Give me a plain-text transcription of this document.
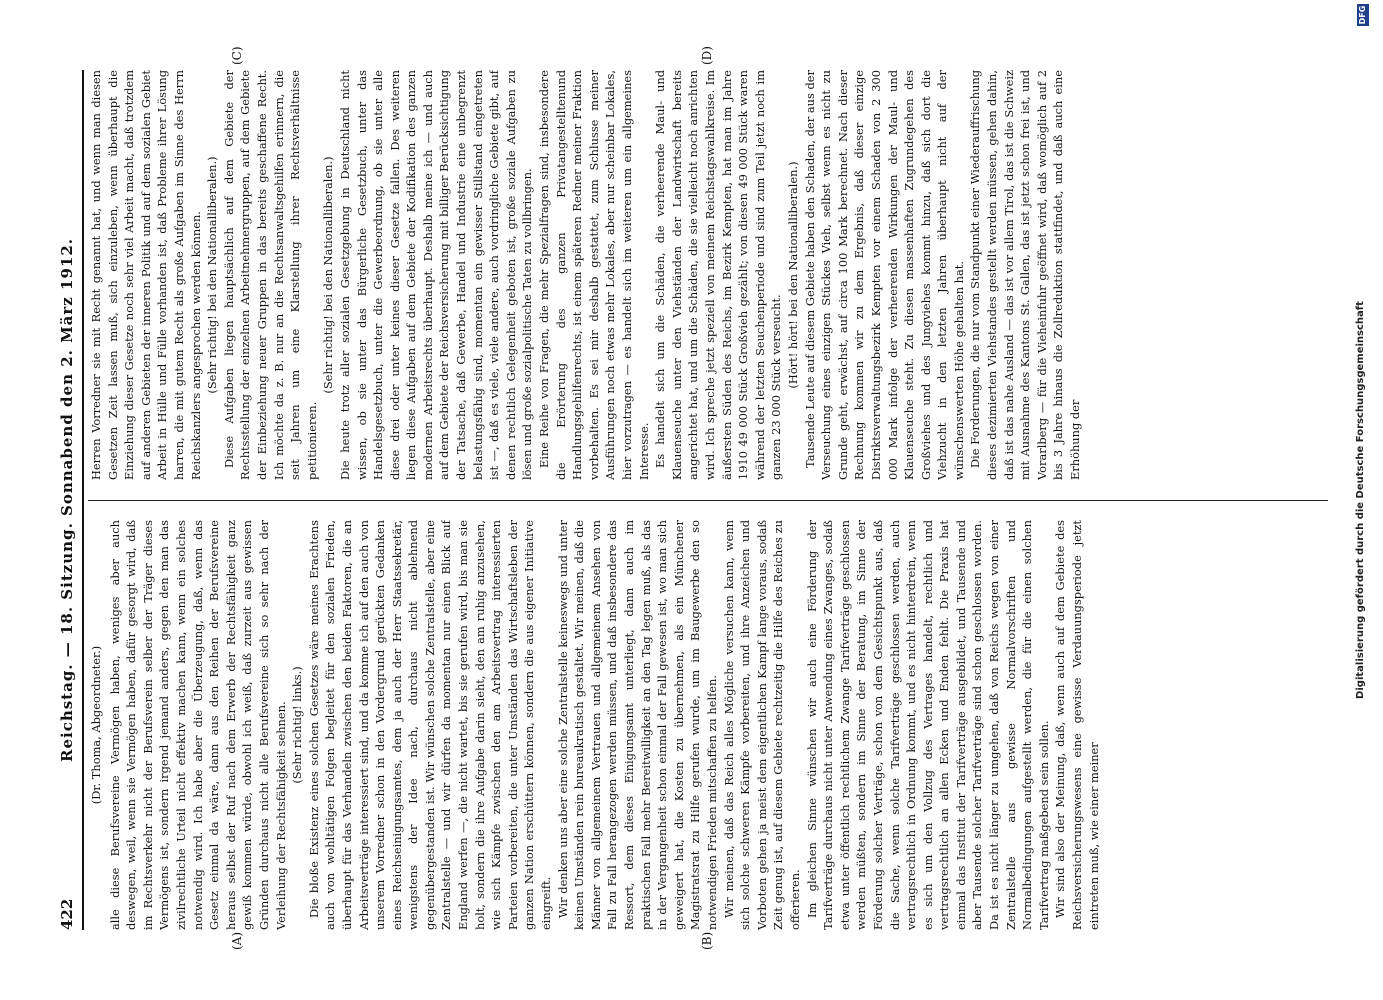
422
Reichstag. — 18. Sitzung. Sonnabend den 2. März 1912.
(A)	(B)
(C)	(D)

(Dr. Thoma, Abgeordneter.) alle diese Berufsvereine Vermögen haben, weniges aber auch deswegen, weil, wenn sie Vermögen haben, dafür gesorgt wird, daß im Rechtsverkehr nicht der Berufsverein selber der Träger dieses Vermögens ist, sondern irgend jemand anders, gegen den man das zivilrechtliche Urteil nicht effektiv machen kann, wenn ein solches notwendig wird. Ich habe aber die Überzeugung, daß, wenn das Gesetz einmal da wäre, dann aus den Reihen der Berufsvereine heraus selbst der Ruf nach dem Erwerb der Rechtsfähigkeit ganz gewiß kommen würde, obwohl ich weiß, daß zurzeit aus gewissen Gründen durchaus nicht alle Berufsvereine sich so sehr nach der Verleihung der Rechtsfähigkeit sehnen. (Sehr richtig! links.) Die bloße Existenz eines solchen Gesetzes wäre meines Erachtens auch von wohltätigen Folgen begleitet für den sozialen Frieden, überhaupt für das Verhandeln zwischen den beiden Faktoren, die an Arbeitsverträge interessiert sind, und da komme ich auf den auch von unserem Vorredner schon in den Vordergrund gerückten Gedanken eines Reichseinigungsamtes, dem ja auch der Herr Staatssekretär, wenigstens der Idee nach, durchaus nicht ablehnend gegenübergestanden ist. Wir wünschen solche Zentralstelle, aber eine Zentralstelle — und wir dürfen da momentan nur einen Blick auf England werfen —, die nicht wartet, bis sie gerufen wird, bis man sie holt, sondern die ihre Aufgabe darin sieht, den am ruhig anzusehen, wie sich Kämpfe zwischen den am Arbeitsvertrag interessierten Parteien vorbereiten, die unter Umständen das Wirtschaftsleben der ganzen Nation erschüttern können, sondern die aus eigener Initiative eingreift. Wir denken uns aber eine solche Zentralstelle keineswegs und unter keinen Umständen rein bureaukratisch gestaltet. Wir meinen, daß die Männer von allgemeinem Vertrauen und allgemeinem Ansehen von Fall zu Fall herangezogen werden müssen, und daß insbesondere das Ressort, dem dieses Einigungsamt unterliegt, dann auch im praktischen Fall mehr Bereitwilligkeit an den Tag legen muß, als das in der Vergangenheit schon einmal der Fall gewesen ist, wo man sich geweigert hat, die Kosten zu übernehmen, als ein Münchener Magistratsrat zu Hilfe gerufen wurde, um im Baugewerbe den so notwendigen Frieden mitschaffen zu helfen. Wir meinen, daß das Reich alles Mögliche versuchen kann, wenn sich solche schweren Kämpfe vorbereiten, und ihre Anzeichen und Vorboten gehen ja meist dem eigentlichen Kampf lange voraus, sodaß Zeit genug ist, auf diesem Gebiete rechtzeitig die Hilfe des Reiches zu offerieren. Im gleichen Sinne wünschen wir auch eine Förderung der Tarifverträge durchaus nicht unter Anwendung eines Zwanges, sodaß etwa unter öffentlich rechtlichem Zwange Tarifverträge geschlossen werden müßten, sondern im Sinne der Beratung, im Sinne der Förderung solcher Verträge, schon von dem Gesichtspunkt aus, daß die Sache, wenn solche Tarifverträge geschlossen werden, auch vertragsrechtlich in Ordnung kommt, und es nicht hinterdrein, wenn es sich um den Vollzug des Vertrages handelt, rechtlich und vertragsrechtlich an allen Ecken und Enden fehlt. Die Praxis hat einmal das Institut der Tarifverträge ausgebildet, und Tausende und aber Tausende solcher Tarifverträge sind schon geschlossen worden. Da ist es nicht länger zu umgehen, daß von Reichs wegen von einer Zentralstelle aus gewisse Normalvorschriften und Normalbedingungen aufgestellt werden, die für die einen solchen Tarifvertrag maßgebend sein sollen. Wir sind also der Meinung, daß, wenn auch auf dem Gebiete des Reichsversicherungswesens eine gewisse Verdauungsperiode jetzt eintreten muß, wie einer meiner

Herren Vorredner sie mit Recht genannt hat, und wenn man diesen Gesetzen Zeit lassen muß, sich einzuleben, wenn überhaupt die Einziehung dieser Gesetze noch sehr viel Arbeit macht, daß trotzdem auf anderen Gebieten der inneren Politik und auf dem sozialen Gebiet Arbeit in Hülle und Fülle vorhanden ist, daß Probleme ihrer Lösung harren, die mit gutem Recht als große Aufgaben im Sinne des Herrn Reichskanzlers angesprochen werden können. (Sehr richtig! bei den Nationalliberalen.) Diese Aufgaben liegen hauptsächlich auf dem Gebiete der Rechtsstellung der einzelnen Arbeitnehmergruppen, auf dem Gebiete der Einbeziehung neuer Gruppen in das bereits geschaffene Recht. Ich möchte da z. B. nur an die Rechtsanwaltsgehilfen erinnern, die seit Jahren um eine Klarstellung ihrer Rechtsverhältnisse petitionieren.

(Sehr richtig! bei den Nationalliberalen.) Die heute trotz aller sozialen Gesetzgebung in Deutschland nicht wissen, ob sie unter das Bürgerliche Gesetzbuch, unter das Handelsgesetzbuch, unter die Gewerbeordnung, ob sie unter alle diese drei oder unter keines dieser Gesetze fallen. Des weiteren liegen diese Aufgaben auf dem Gebiete der Kodifikation des ganzen modernen Arbeitsrechts überhaupt. Deshalb meine ich — und auch auf dem Gebiete der Reichsversicherung mit billiger Berücksichtigung der Tatsache, daß Gewerbe, Handel und Industrie eine unbegrenzt belastungsfähig sind, momentan ein gewisser Stillstand eingetreten ist —, daß es viele, viele andere, auch vordringliche Gebiete gibt, auf denen rechtlich Gelegenheit geboten ist, große soziale Aufgaben zu lösen und große sozialpolitische Taten zu vollbringen. Eine Reihe von Fragen, die mehr Spezialfragen sind, insbesondere die Erörterung des ganzen Privatangestelltenund Handlungsgehilfenrechts, ist einem späteren Redner meiner Fraktion vorbehalten. Es sei mir deshalb gestattet, zum Schlusse meiner Ausführungen noch etwas mehr Lokales, aber nur scheinbar Lokales, hier vorzutragen — es handelt sich im weiteren um ein allgemeines Interesse. Es handelt sich um die Schäden, die verheerende Maul- und Klauenseuche unter den Viehständen der Landwirtschaft bereits angerichtet hat, und um die Schäden, die sie vielleicht noch anrichten wird. Ich spreche jetzt speziell von meinem Reichstagswahlkreise. Im äußersten Süden des Reichs, im Bezirk Kempten, hat man im Jahre 1910 49 000 Stück Großvieh gezählt; von diesen 49 000 Stück waren während der letzten Seuchenperiode und sind zum Teil jetzt noch im ganzen 23 000 Stück verseucht. (Hört! hört! bei den Nationalliberalen.) Tausende Leute auf diesem Gebiete haben den Schaden, der aus der Verseuchung eines einzigen Stückes Vieh, selbst wenn es nicht zu Grunde geht, erwächst, auf circa 100 Mark berechnet. Nach dieser Rechnung kommen wir zu dem Ergebnis, daß dieser einzige Distriktsverwaltungsbezirk Kempten vor einem Schaden von 2 300 000 Mark infolge der verheerenden Wirkungen der Maul- und Klauenseuche steht. Zu diesen massenhaften Zugrundegehen des Großviehes und des Jungviehes kommt hinzu, daß sich dort die Viehzucht in den letzten Jahren überhaupt nicht auf der wünschenswerten Höhe gehalten hat. Die Forderungen, die nur vom Standpunkt einer Wiederauffrischung dieses dezimierten Viehstandes gestellt werden müssen, gehen dahin, daß ist das nahe Ausland — das ist vor allem Tirol, das ist die Schweiz mit Ausnahme des Kantons St. Gallen, das ist jetzt schon frei ist, und Vorarlberg — für die Vieheinfuhr geöffnet wird, daß womöglich auf 2 bis 3 Jahre hinaus die Zollreduktion stattfindet, und daß auch eine Erhöhung der	Digitalisierung gefördert durch die Deutsche Forschungsgemeinschaft
DFG
